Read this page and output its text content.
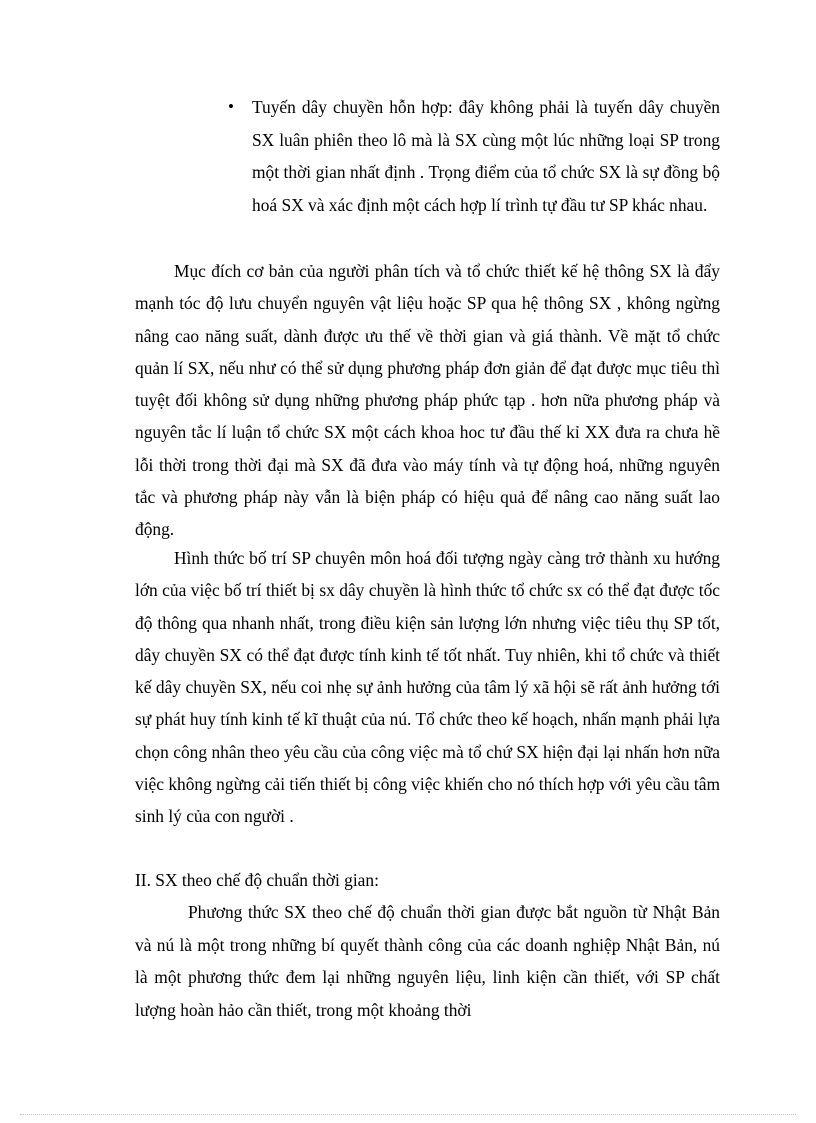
• Tuyến dây chuyền hỗn hợp: đây không phải là tuyến dây chuyền SX luân phiên theo lô mà là SX cùng một lúc những loại SP trong một thời gian nhất định . Trọng điểm của tổ chức SX là sự đồng bộ hoá SX và xác định một cách hợp lí trình tự đầu tư SP khác nhau.

Mục đích cơ bản của người phân tích và tổ chức thiết kế hệ thông SX là đẩy mạnh tóc độ lưu chuyển nguyên vật liệu hoặc SP qua hệ thông SX , không ngừng nâng cao năng suất, dành được ưu thế về thời gian và giá thành. Về mặt tổ chức quản lí SX, nếu như có thể sử dụng phương pháp đơn giản để đạt được mục tiêu thì tuyệt đối không sử dụng những phương pháp phức tạp . hơn nữa phương pháp và nguyên tắc lí luận tổ chức SX một cách khoa hoc tư đầu thế kỉ XX đưa ra chưa hề lỗi thời trong thời đại mà SX đã đưa vào máy tính và tự động hoá, những nguyên tắc và phương pháp này vẫn là biện pháp có hiệu quả để nâng cao năng suất lao động.

Hình thức bố trí SP chuyên môn hoá đối tượng ngày càng trở thành xu hướng lớn của việc bố trí thiết bị sx dây chuyền là hình thức tổ chức sx có thể đạt được tốc độ thông qua nhanh nhất, trong điều kiện sản lượng lớn nhưng việc tiêu thụ SP tốt, dây chuyền SX có thể đạt được tính kinh tế tốt nhất. Tuy nhiên, khi tổ chức và thiết kế dây chuyền SX, nếu coi nhẹ sự ảnh hưởng của tâm lý xã hội sẽ rất ảnh hưởng tới sự phát huy tính kinh tế kĩ thuật của nú. Tổ chức theo kế hoạch, nhấn mạnh phải lựa chọn công nhân theo yêu cầu của công việc mà tổ chứ SX hiện đại lại nhấn hơn nữa việc không ngừng cải tiến thiết bị công việc khiến cho nó thích hợp với yêu cầu tâm sinh lý của con người .

II. SX theo chế độ chuẩn thời gian:

Phương thức SX theo chế độ chuẩn thời gian được bắt nguồn từ Nhật Bản và nú là một trong những bí quyết thành công của các doanh nghiệp Nhật Bản, nú là một phương thức đem lại những nguyên liệu, linh kiện cần thiết, với SP chất lượng hoàn hảo cần thiết, trong một khoảng thời
